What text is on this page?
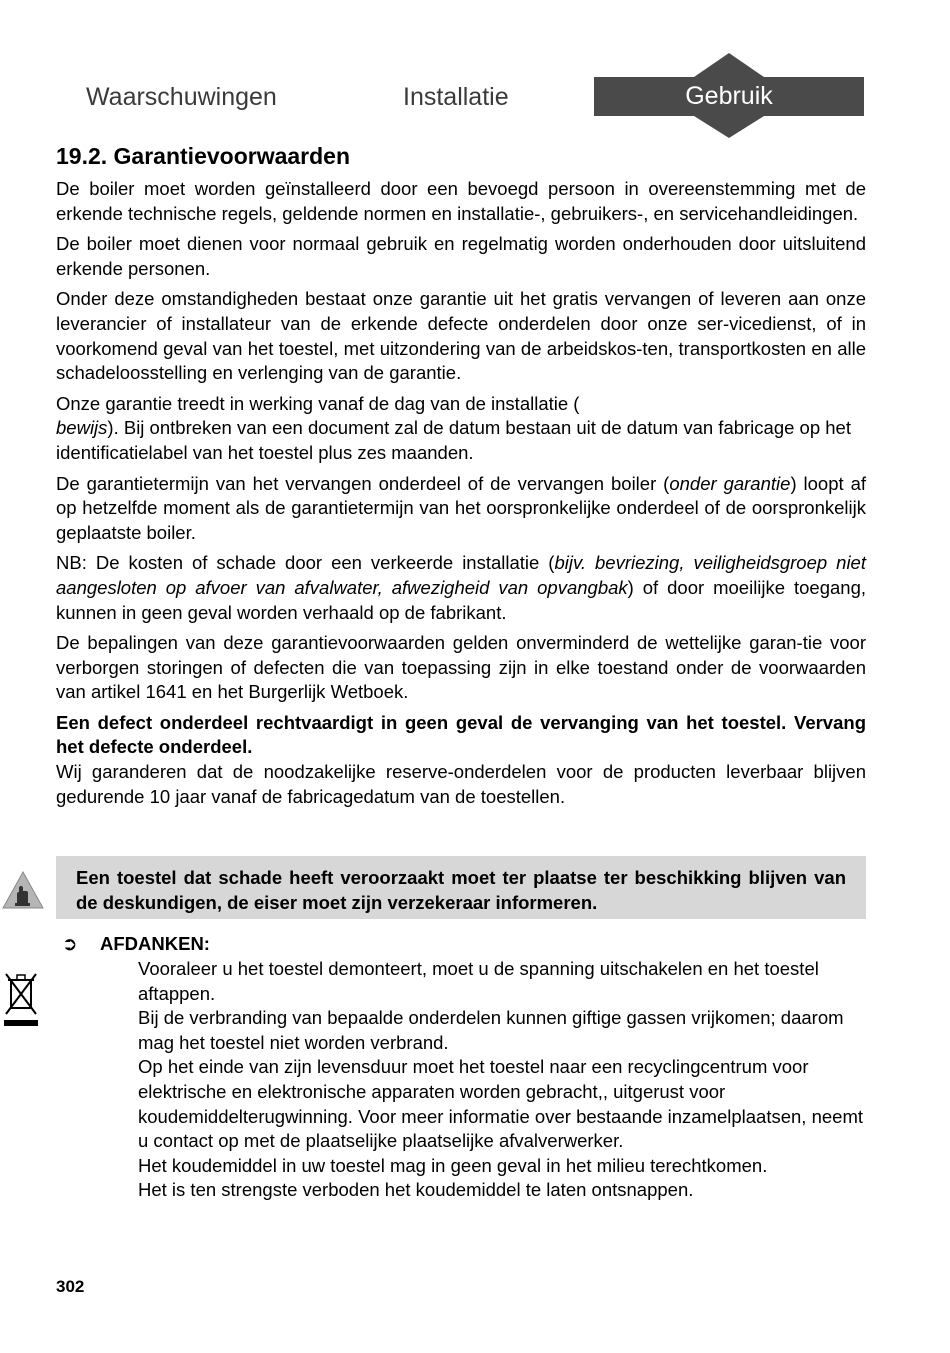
Waarschuwingen	Installatie	Gebruik
19.2. Garantievoorwaarden

De boiler moet worden geïnstalleerd door een bevoegd persoon in overeenstemming met de erkende technische regels, geldende normen en installatie-, gebruikers-, en servicehandleidingen.

De boiler moet dienen voor normaal gebruik en regelmatig worden onderhouden door uitsluitend erkende personen.

Onder deze omstandigheden bestaat onze garantie uit het gratis vervangen of leveren aan onze leverancier of installateur van de erkende defecte onderdelen door onze ser-vicedienst, of in voorkomend geval van het toestel, met uitzondering van de arbeidskos-ten, transportkosten en alle schadeloosstelling en verlenging van de garantie.

Onze garantie treedt in werking vanaf de dag van de installatie (
bewijs). Bij ontbreken van een document zal de datum bestaan uit de datum van fabricage op het identificatielabel van het toestel plus zes maanden.

De garantietermijn van het vervangen onderdeel of de vervangen boiler (onder garantie) loopt af op hetzelfde moment als de garantietermijn van het oorspronkelijke onderdeel of de oorspronkelijk geplaatste boiler.

NB: De kosten of schade door een verkeerde installatie (bijv. bevriezing, veiligheidsgroep niet aangesloten op afvoer van afvalwater, afwezigheid van opvangbak) of door moeilijke toegang, kunnen in geen geval worden verhaald op de fabrikant.

De bepalingen van deze garantievoorwaarden gelden onverminderd de wettelijke garan-tie voor verborgen storingen of defecten die van toepassing zijn in elke toestand onder de voorwaarden van artikel 1641 en het Burgerlijk Wetboek.

Een defect onderdeel rechtvaardigt in geen geval de vervanging van het toestel. Vervang het defecte onderdeel.

Wij garanderen dat de noodzakelijke reserve-onderdelen voor de producten leverbaar blijven gedurende 10 jaar vanaf de fabricagedatum van de toestellen.

Een toestel dat schade heeft veroorzaakt moet ter plaatse ter beschikking blijven van de deskundigen, de eiser moet zijn verzekeraar informeren.
➲ AFDANKEN:

Vooraleer u het toestel demonteert, moet u de spanning uitschakelen en het toestel aftappen.

Bij de verbranding van bepaalde onderdelen kunnen giftige gassen vrijkomen; daarom mag het toestel niet worden verbrand.

Op het einde van zijn levensduur moet het toestel naar een recyclingcentrum voor elektrische en elektronische apparaten worden gebracht,, uitgerust voor koudemiddelterugwinning. Voor meer informatie over bestaande inzamelplaatsen, neemt u contact op met de plaatselijke plaatselijke afvalverwerker.

Het koudemiddel in uw toestel mag in geen geval in het milieu terechtkomen.

Het is ten strengste verboden het koudemiddel te laten ontsnappen.

302
